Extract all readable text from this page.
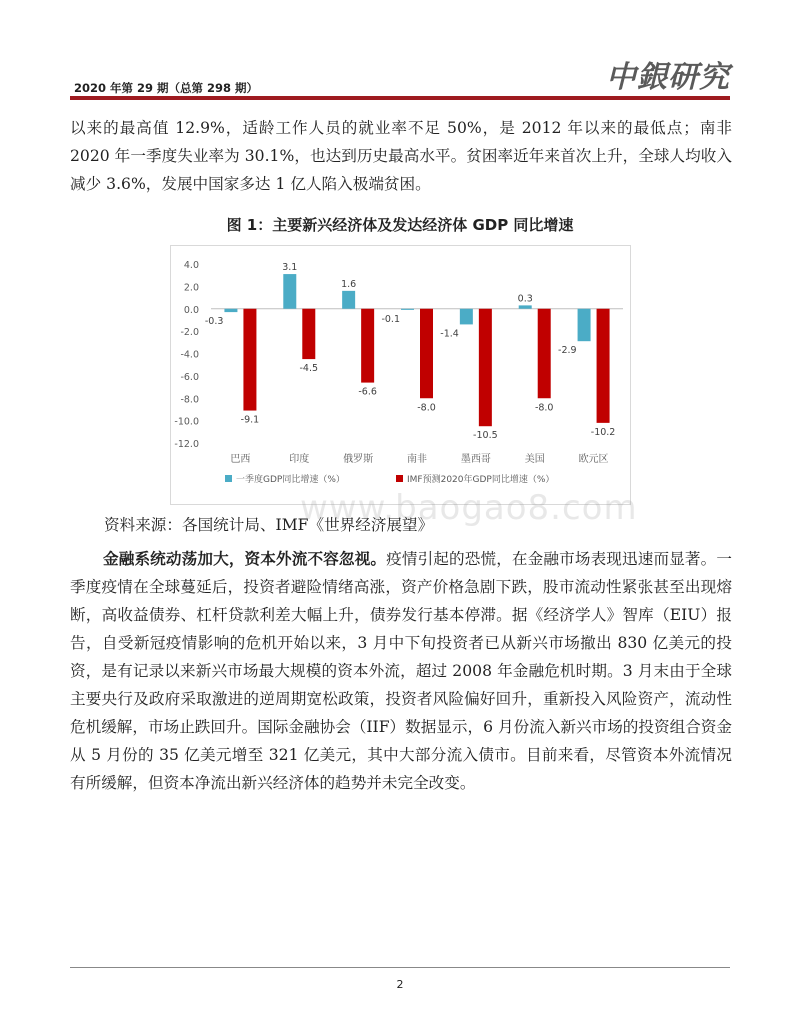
2020 年第 29 期（总第 298 期）	中銀研究
以来的最高值 12.9%，适龄工作人员的就业率不足 50%，是 2012 年以来的最低点；南非 2020 年一季度失业率为 30.1%，也达到历史最高水平。贫困率近年来首次上升，全球人均收入减少 3.6%，发展中国家多达 1 亿人陷入极端贫困。
图 1：主要新兴经济体及发达经济体 GDP 同比增速
4.0
2.0
0.0
-2.0
-4.0
-6.0
-8.0
-10.0
-12.0
巴西
-0.3
-9.1
印度
3.1
-4.5
俄罗斯
1.6
-6.6
南非
-0.1
-8.0
墨西哥
-1.4
-10.5
美国
0.3
-8.0
欧元区
-2.9
-10.2
一季度GDP同比增速（%）	IMF预测2020年GDP同比增速（%）
www.baogao8.com
资料来源：各国统计局、IMF《世界经济展望》
金融系统动荡加大，资本外流不容忽视。疫情引起的恐慌，在金融市场表现迅速而显著。一季度疫情在全球蔓延后，投资者避险情绪高涨，资产价格急剧下跌，股市流动性紧张甚至出现熔断，高收益债券、杠杆贷款利差大幅上升，债券发行基本停滞。据《经济学人》智库（EIU）报告，自受新冠疫情影响的危机开始以来，3 月中下旬投资者已从新兴市场撤出 830 亿美元的投资，是有记录以来新兴市场最大规模的资本外流，超过 2008 年金融危机时期。3 月末由于全球主要央行及政府采取激进的逆周期宽松政策，投资者风险偏好回升，重新投入风险资产，流动性危机缓解，市场止跌回升。国际金融协会（IIF）数据显示，6 月份流入新兴市场的投资组合资金从 5 月份的 35 亿美元增至 321 亿美元，其中大部分流入债市。目前来看，尽管资本外流情况有所缓解，但资本净流出新兴经济体的趋势并未完全改变。
2
